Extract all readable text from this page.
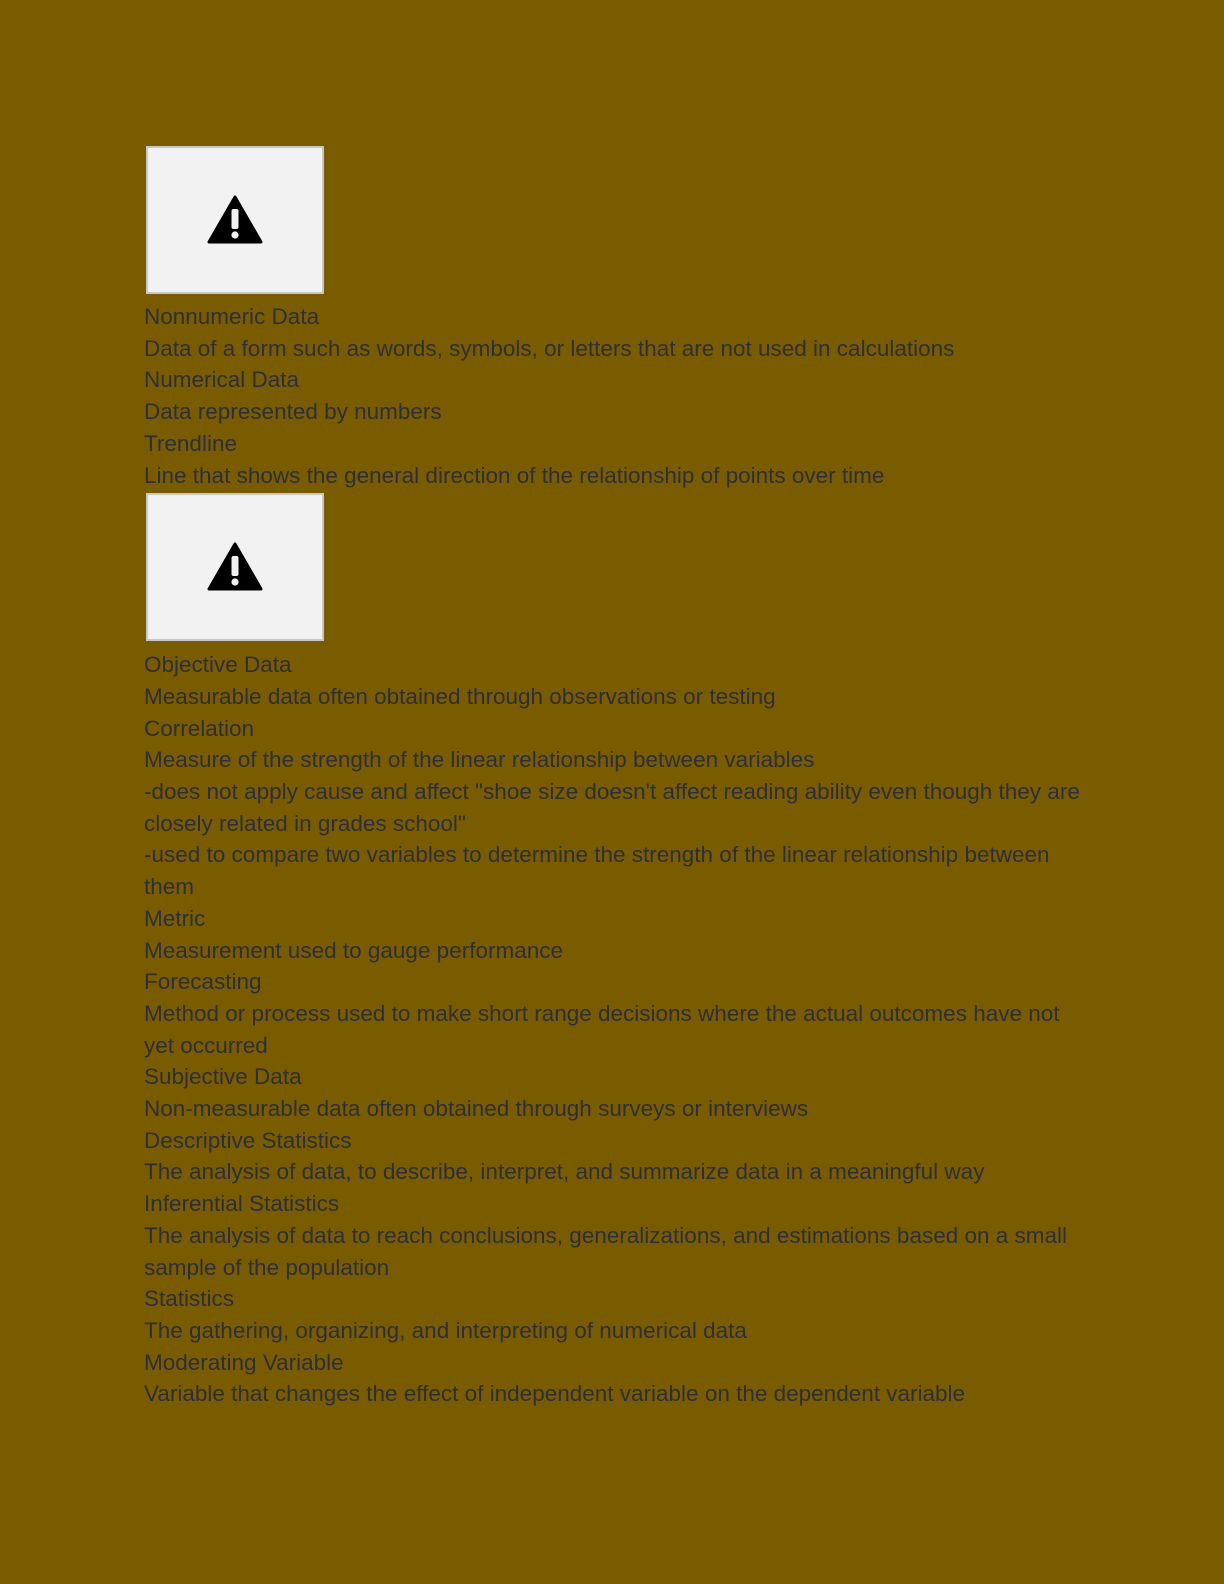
Nonnumeric Data
Data of a form such as words, symbols, or letters that are not used in calculations
Numerical Data
Data represented by numbers
Trendline
Line that shows the general direction of the relationship of points over time
Objective Data
Measurable data often obtained through observations or testing
Correlation
Measure of the strength of the linear relationship between variables
-does not apply cause and affect "shoe size doesn't affect reading ability even though they are closely related in grades school"
-used to compare two variables to determine the strength of the linear relationship between them
Metric
Measurement used to gauge performance
Forecasting
Method or process used to make short range decisions where the actual outcomes have not yet occurred
Subjective Data
Non-measurable data often obtained through surveys or interviews
Descriptive Statistics
The analysis of data, to describe, interpret, and summarize data in a meaningful way
Inferential Statistics
The analysis of data to reach conclusions, generalizations, and estimations based on a small sample of the population
Statistics
The gathering, organizing, and interpreting of numerical data
Moderating Variable
Variable that changes the effect of independent variable on the dependent variable
